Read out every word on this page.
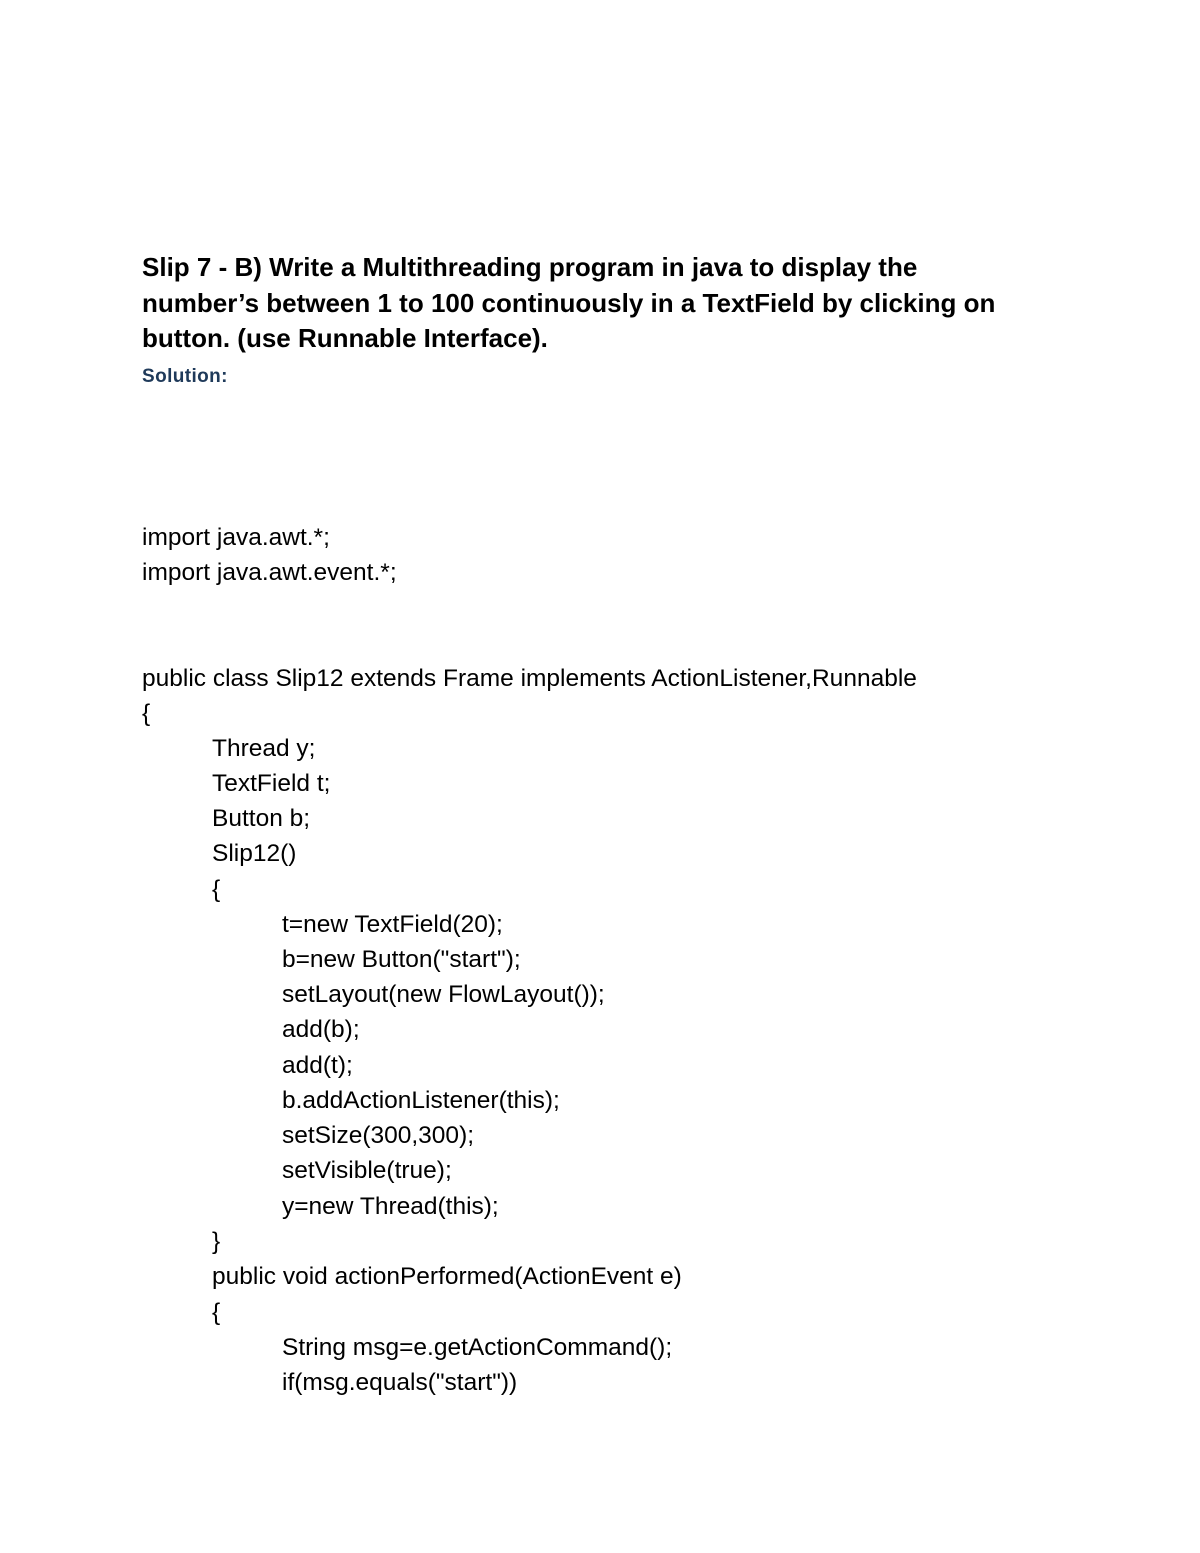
Slip 7 - B) Write a Multithreading program in java to display the
number’s between 1 to 100 continuously in a TextField by clicking on
button. (use Runnable Interface).

Solution:

import java.awt.*;
import java.awt.event.*;
public class Slip12 extends Frame implements ActionListener,Runnable
{
Thread y;
TextField t;
Button b;
Slip12()
{
t=new TextField(20);
b=new Button("start");
setLayout(new FlowLayout());
add(b);
add(t);
b.addActionListener(this);
setSize(300,300);
setVisible(true);
y=new Thread(this);
}
public void actionPerformed(ActionEvent e)
{
String msg=e.getActionCommand();
if(msg.equals("start"))
